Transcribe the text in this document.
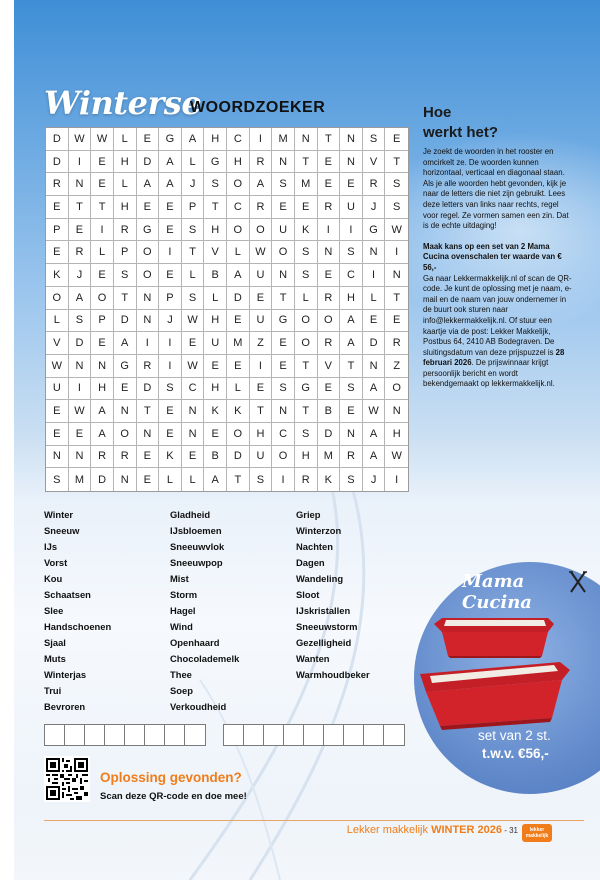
Winterse
WOORDZOEKER
D	W	W	L	E	G	A	H	C	I	M	N	T	N	S	E
D	I	E	H	D	A	L	G	H	R	N	T	E	N	V	T
R	N	E	L	A	A	J	S	O	A	S	M	E	E	R	S
E	T	T	H	E	E	P	T	C	R	E	E	R	U	J	S
P	E	I	R	G	E	S	H	O	O	U	K	I	I	G	W
E	R	L	P	O	I	T	V	L	W	O	S	N	S	N	I
K	J	E	S	O	E	L	B	A	U	N	S	E	C	I	N
O	A	O	T	N	P	S	L	D	E	T	L	R	H	L	T
L	S	P	D	N	J	W	H	E	U	G	O	O	A	E	E
V	D	E	A	I	I	E	U	M	Z	E	O	R	A	D	R
W	N	N	G	R	I	W	E	E	I	E	T	V	T	N	Z
U	I	H	E	D	S	C	H	L	E	S	G	E	S	A	O
E	W	A	N	T	E	N	K	K	T	N	T	B	E	W	N
E	E	A	O	N	E	N	E	O	H	C	S	D	N	A	H
N	N	R	R	E	K	E	B	D	U	O	H	M	R	A	W
S	M	D	N	E	L	L	A	T	S	I	R	K	S	J	I
Hoe
werkt het?

Je zoekt de woorden in het rooster en omcirkelt ze. De woorden kunnen horizontaal, verticaal en diagonaal staan. Als je alle woorden hebt gevonden, kijk je naar de letters die niet zijn gebruikt. Lees deze letters van links naar rechts, regel voor regel. Ze vormen samen een zin. Dat is de echte uitdaging!

Maak kans op een set van 2 Mama Cucina ovenschalen ter waarde van € 56,-

Ga naar Lekkermakkelijk.nl of scan de QR-code. Je kunt de oplossing met je naam, e-mail en de naam van jouw ondernemer in de buurt ook sturen naar info@lekkermakkelijk.nl. Of stuur een kaartje via de post: Lekker Makkelijk, Postbus 64, 2410 AB Bodegraven. De sluitingsdatum van deze prijspuzzel is 28 februari 2026. De prijswinnaar krijgt persoonlijk bericht en wordt bekendgemaakt op lekkermakkelijk.nl.

Winter
Sneeuw
IJs
Vorst
Kou
Schaatsen
Slee
Handschoenen
Sjaal
Muts
Winterjas
Trui
Bevroren
Gladheid
IJsbloemen
Sneeuwvlok
Sneeuwpop
Mist
Storm
Hagel
Wind
Openhaard
Chocolademelk
Thee
Soep
Verkoudheid
Griep
Winterzon
Nachten
Dagen
Wandeling
Sloot
IJskristallen
Sneeuwstorm
Gezelligheid
Wanten
Warmhoudbeker
Oplossing gevonden?
Scan deze QR-code en doe mee!
Mama Cucina
set van 2 st.
t.w.v. €56,-
Lekker makkelijk WINTER 2026 - 31	lekker makkelijk
